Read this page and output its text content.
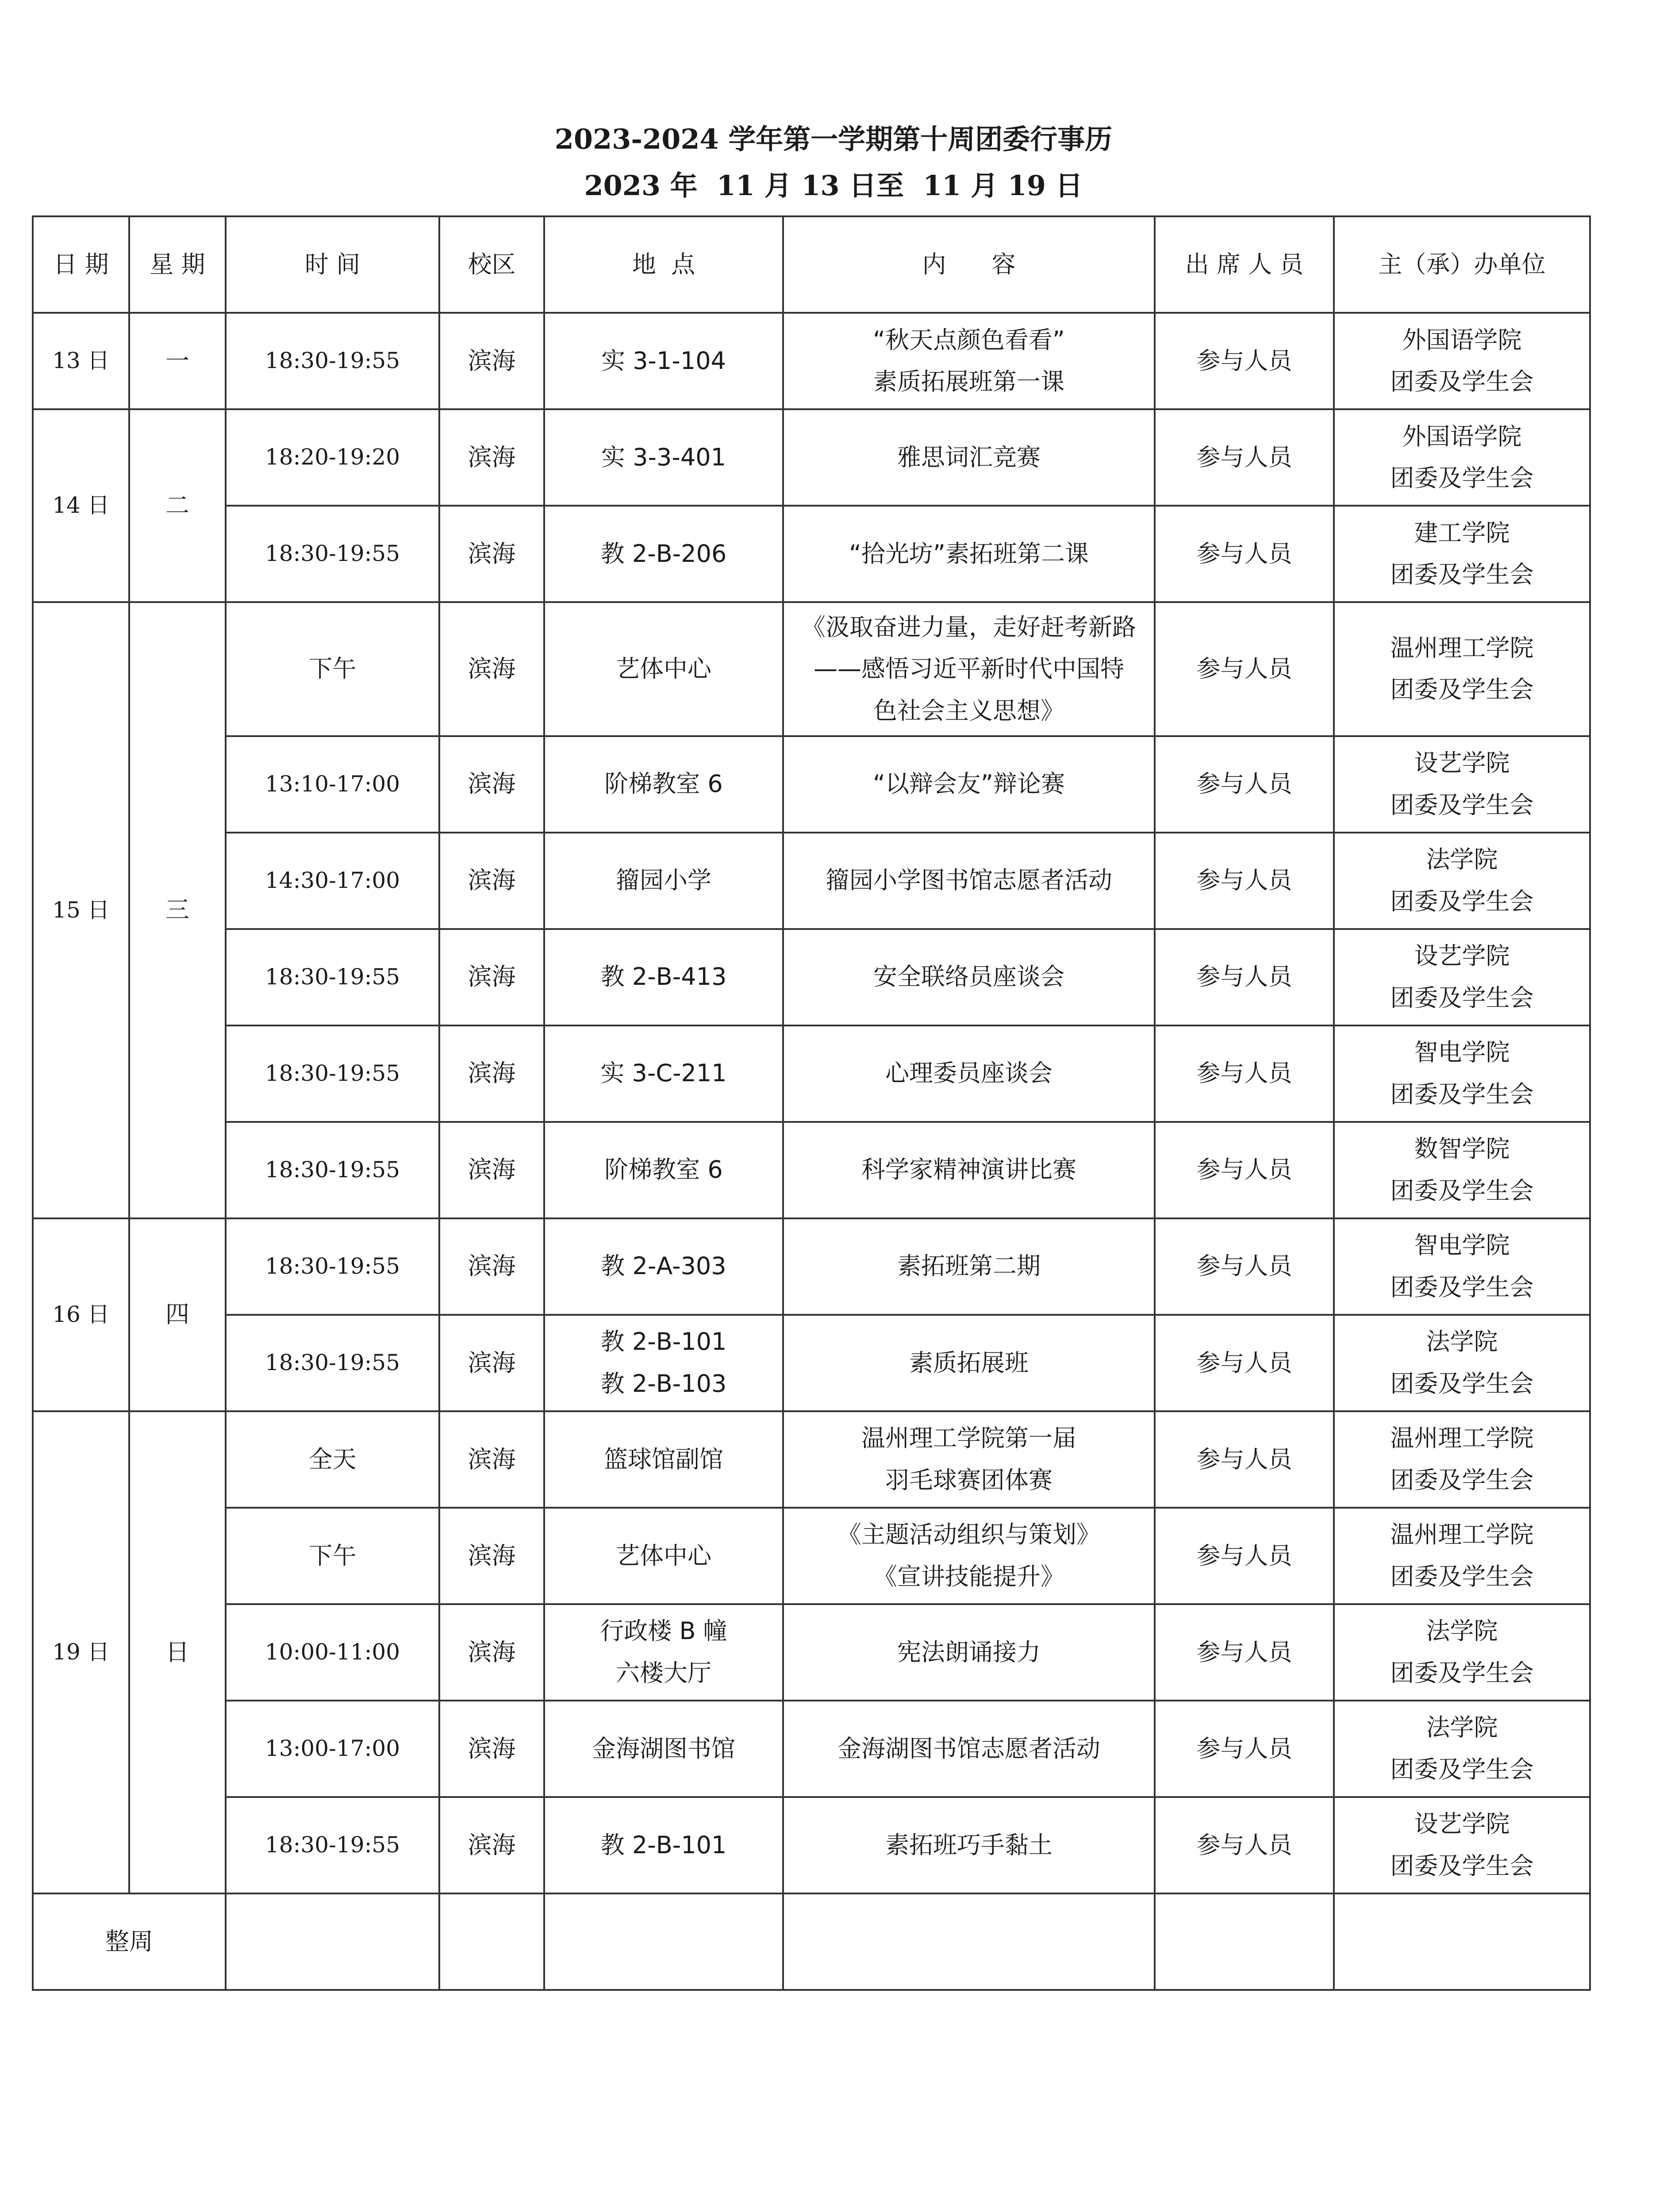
2023-2024 学年第一学期第十周团委行事历
2023 年  11 月 13 日至  11 月 19 日
日 期	星 期	时 间	校区	地  点	内      容	出 席 人 员	主（承）办单位
13 日	一	18:30-19:55	滨海	实 3-1-104	“秋天点颜色看看”
素质拓展班第一课	参与人员	外国语学院
团委及学生会
14 日	二	18:20-19:20	滨海	实 3-3-401	雅思词汇竞赛	参与人员	外国语学院
团委及学生会
		18:30-19:55	滨海	教 2-B-206	“拾光坊”素拓班第二课	参与人员	建工学院
团委及学生会
15 日	三	下午	滨海	艺体中心	《汲取奋进力量，走好赶考新路
——感悟习近平新时代中国特
色社会主义思想》	参与人员	温州理工学院
团委及学生会
		13:10-17:00	滨海	阶梯教室 6	“以辩会友”辩论赛	参与人员	设艺学院
团委及学生会
		14:30-17:00	滨海	籀园小学	籀园小学图书馆志愿者活动	参与人员	法学院
团委及学生会
		18:30-19:55	滨海	教 2-B-413	安全联络员座谈会	参与人员	设艺学院
团委及学生会
		18:30-19:55	滨海	实 3-C-211	心理委员座谈会	参与人员	智电学院
团委及学生会
		18:30-19:55	滨海	阶梯教室 6	科学家精神演讲比赛	参与人员	数智学院
团委及学生会
16 日	四	18:30-19:55	滨海	教 2-A-303	素拓班第二期	参与人员	智电学院
团委及学生会
		18:30-19:55	滨海	教 2-B-101
教 2-B-103	素质拓展班	参与人员	法学院
团委及学生会
19 日	日	全天	滨海	篮球馆副馆	温州理工学院第一届
羽毛球赛团体赛	参与人员	温州理工学院
团委及学生会
		下午	滨海	艺体中心	《主题活动组织与策划》
《宣讲技能提升》	参与人员	温州理工学院
团委及学生会
		10:00-11:00	滨海	行政楼 B 幢
六楼大厅	宪法朗诵接力	参与人员	法学院
团委及学生会
		13:00-17:00	滨海	金海湖图书馆	金海湖图书馆志愿者活动	参与人员	法学院
团委及学生会
		18:30-19:55	滨海	教 2-B-101	素拓班巧手黏土	参与人员	设艺学院
团委及学生会
整周							
